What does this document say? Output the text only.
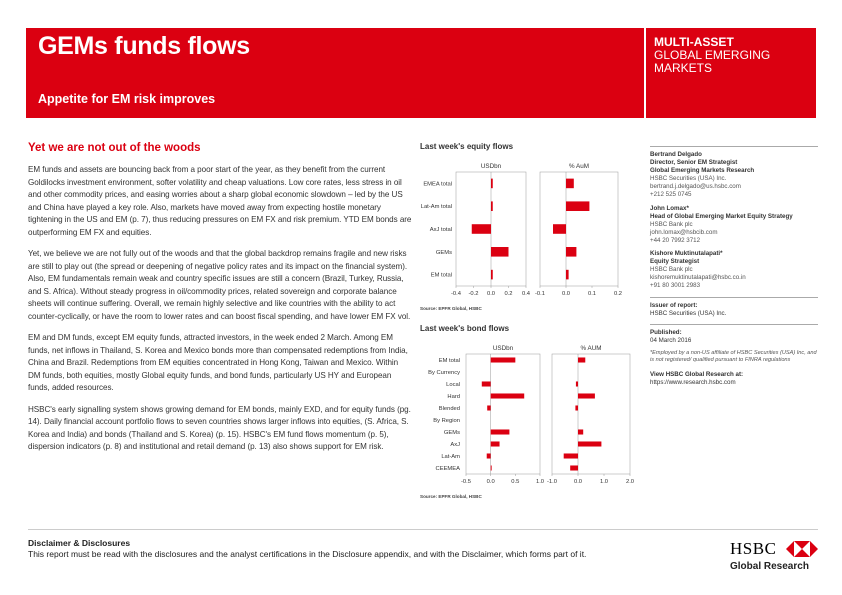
GEMs funds flows
Appetite for EM risk improves
MULTI-ASSET
GLOBAL EMERGING MARKETS
Yet we are not out of the woods

EM funds and assets are bouncing back from a poor start of the year, as they benefit from the current Goldilocks investment environment, softer volatility and cheap valuations. Low core rates, less stress in oil and other commodity prices, and easing worries about a sharp global economic slowdown – led by the US and China have played a key role. Also, markets have moved away from expecting hostile monetary tightening in the US and EM (p. 7), thus reducing pressures on EM FX and risk premium. YTD EM bonds are outperforming EM FX and equities.

Yet, we believe we are not fully out of the woods and that the global backdrop remains fragile and new risks are still to play out (the spread or deepening of negative policy rates and its impact on the financial system). Also, EM fundamentals remain weak and country specific issues are still a concern (Brazil, Turkey, Russia, and S. Africa). Without steady progress in oil/commodity prices, related sovereign and corporate balance sheets will continue suffering. Overall, we remain highly selective and like countries with the ability to act counter-cyclically, or have the room to lower rates and can boost fiscal spending, and have lower EM FX vol.

EM and DM funds, except EM equity funds, attracted investors, in the week ended 2 March. Among EM funds, net inflows in Thailand, S. Korea and Mexico bonds more than compensated redemptions from India, China and Brazil. Redemptions from EM equities concentrated in Hong Kong, Taiwan and Mexico. Within DM funds, both equities, mostly Global equity funds, and bond funds, particularly US HY and European funds, added resources.

HSBC's early signalling system shows growing demand for EM bonds, mainly EXD, and for equity funds (pg. 14). Daily financial account portfolio flows to seven countries shows larger inflows into equities, (S. Africa, S. Korea and India) and bonds (Thailand and S. Korea) (p. 15). HSBC's EM fund flows momentum (p. 5), dispersion indicators (p. 8) and institutional and retail demand (p. 13) also shows support for EM risk.

Last week's equity flows
EMEA total
Lat-Am total
AxJ total
GEMs
EM total
USDbn
-0.4 -0.2 0.0 0.2 0.4
% AuM
-0.1	0.0	0.1	0.2
Source: EPFR Global, HSBC
Last week's bond flows
EM total
By Currency
Local
Hard
Blended
By Region
GEMs
AxJ
Lat-Am
CEEMEA
USDbn
-0.5	0.0	0.5	1.0
% AUM
-1.0	0.0	1.0	2.0
Source: EPFR Global, HSBC
Bertrand Delgado
Director, Senior EM Strategist
Global Emerging Markets Research
HSBC Securities (USA) Inc.
bertrand.j.delgado@us.hsbc.com
+212 525 0745
John Lomax*
Head of Global Emerging Market Equity Strategy
HSBC Bank plc
john.lomax@hsbcib.com
+44 20 7992 3712
Kishore Muktinutalapati*
Equity Strategist
HSBC Bank plc
kishoremuktinutalapati@hsbc.co.in
+91 80 3001 2983
Issuer of report:
HSBC Securities (USA) Inc.
Published:
04 March 2016
*Employed by a non-US affiliate of HSBC Securities (USA) Inc, and is not registered/ qualified pursuant to FINRA regulations
View HSBC Global Research at:
https://www.research.hsbc.com
Disclaimer & Disclosures
This report must be read with the disclosures and the analyst certifications in the Disclosure appendix, and with the Disclaimer, which forms part of it.	HSBC
Global Research
